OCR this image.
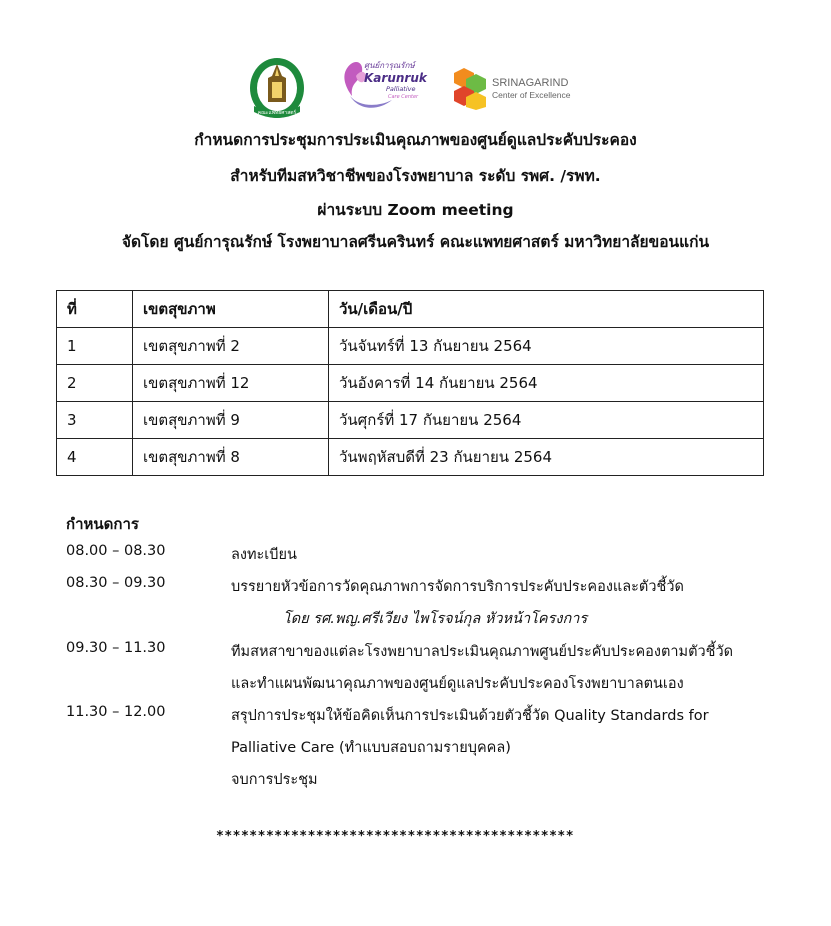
คณะแพทยศาสตร์
ศูนย์การุณรักษ์
Karunruk
Palliative
Care Center
SRINAGARIND
Center of Excellence
กำหนดการประชุมการประเมินคุณภาพของศูนย์ดูแลประคับประคอง
สำหรับทีมสหวิชาชีพของโรงพยาบาล ระดับ รพศ. /รพท.
ผ่านระบบ Zoom meeting
จัดโดย ศูนย์การุณรักษ์ โรงพยาบาลศรีนครินทร์ คณะแพทยศาสตร์ มหาวิทยาลัยขอนแก่น
ที่	เขตสุขภาพ	วัน/เดือน/ปี
1	เขตสุขภาพที่ 2	วันจันทร์ที่ 13 กันยายน 2564
2	เขตสุขภาพที่ 12	วันอังคารที่ 14 กันยายน 2564
3	เขตสุขภาพที่ 9	วันศุกร์ที่ 17 กันยายน 2564
4	เขตสุขภาพที่ 8	วันพฤหัสบดีที่ 23 กันยายน 2564
กำหนดการ
08.00 – 08.30	ลงทะเบียน
08.30 – 09.30	บรรยายหัวข้อการวัดคุณภาพการจัดการบริการประคับประคองและตัวชี้วัด
โดย รศ.พญ.ศรีเวียง ไพโรจน์กุล หัวหน้าโครงการ
09.30 – 11.30	ทีมสหสาขาของแต่ละโรงพยาบาลประเมินคุณภาพศูนย์ประคับประคองตามตัวชี้วัด
และทำแผนพัฒนาคุณภาพของศูนย์ดูแลประคับประคองโรงพยาบาลตนเอง
11.30 – 12.00	สรุปการประชุมให้ข้อคิดเห็นการประเมินด้วยตัวชี้วัด Quality Standards for
Palliative Care (ทำแบบสอบถามรายบุคคล)
จบการประชุม
*******************************************
